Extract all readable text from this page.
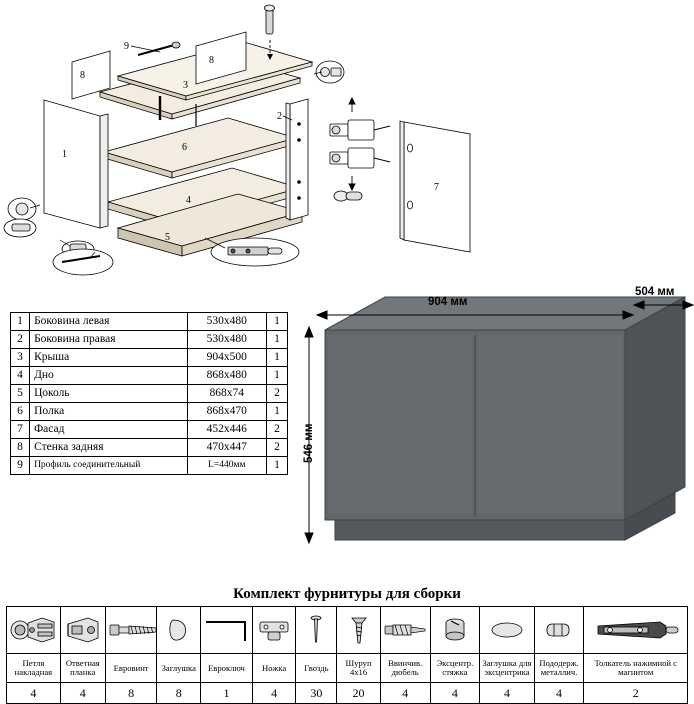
1
2
3
4
5
6
7
8
8
9
1	Боковина левая	530х480	1
2	Боковина правая	530х480	1
3	Крыша	904х500	1
4	Дно	868х480	1
5	Цоколь	868х74	2
6	Полка	868х470	1
7	Фасад	452х446	2
8	Стенка задняя	470х447	2
9	Профиль соединительный	L=440мм	1
904 мм
504 мм
546 мм
Комплект фурнитуры для сборки

Петля накладная	Ответная планка	Евровинт	Заглушка	Евроключ	Ножка	Гвоздь	Шуруп 4х16	Ввинчив. дюбель	Эксцентр. стяжка	Заглушка для эксцентрика	Пододерж. металлич.	Толкатель нажимной с магнитом
4	4	8	8	1	4	30	20	4	4	4	4	2
